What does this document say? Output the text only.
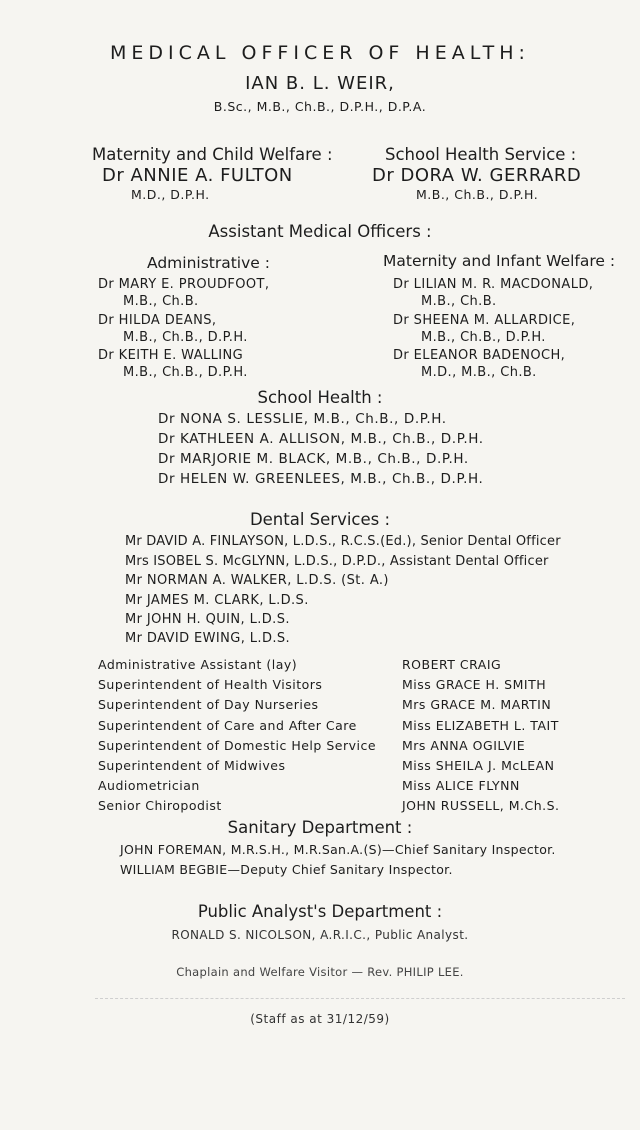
MEDICAL OFFICER OF HEALTH:
IAN B. L. WEIR,
B.Sc., M.B., Ch.B., D.P.H., D.P.A.
Maternity and Child Welfare :
Dr ANNIE A. FULTON
M.D., D.P.H.
School Health Service :
Dr DORA W. GERRARD
M.B., Ch.B., D.P.H.
Assistant Medical Officers :
Administrative :
Dr MARY E. PROUDFOOT,
M.B., Ch.B.
Dr HILDA DEANS,
M.B., Ch.B., D.P.H.
Dr KEITH E. WALLING
M.B., Ch.B., D.P.H.
Maternity and Infant Welfare :
Dr LILIAN M. R. MACDONALD,
M.B., Ch.B.
Dr SHEENA M. ALLARDICE,
M.B., Ch.B., D.P.H.
Dr ELEANOR BADENOCH,
M.D., M.B., Ch.B.
School Health :
Dr NONA S. LESSLIE, M.B., Ch.B., D.P.H.
Dr KATHLEEN A. ALLISON, M.B., Ch.B., D.P.H.
Dr MARJORIE M. BLACK, M.B., Ch.B., D.P.H.
Dr HELEN W. GREENLEES, M.B., Ch.B., D.P.H.
Dental Services :
Mr DAVID A. FINLAYSON, L.D.S., R.C.S.(Ed.), Senior Dental Officer
Mrs ISOBEL S. McGLYNN, L.D.S., D.P.D., Assistant Dental Officer
Mr NORMAN A. WALKER, L.D.S. (St. A.)
Mr JAMES M. CLARK, L.D.S.
Mr JOHN H. QUIN, L.D.S.
Mr DAVID EWING, L.D.S.
Administrative Assistant (lay)	ROBERT CRAIG
Superintendent of Health Visitors	Miss GRACE H. SMITH
Superintendent of Day Nurseries	Mrs GRACE M. MARTIN
Superintendent of Care and After Care	Miss ELIZABETH L. TAIT
Superintendent of Domestic Help Service Mrs ANNA OGILVIE
Superintendent of Midwives	Miss SHEILA J. McLEAN
Audiometrician	Miss ALICE FLYNN
Senior Chiropodist	JOHN RUSSELL, M.Ch.S.
Sanitary Department :
JOHN FOREMAN, M.R.S.H., M.R.San.A.(S)—Chief Sanitary Inspector.
WILLIAM BEGBIE—Deputy Chief Sanitary Inspector.
Public Analyst's Department :
RONALD S. NICOLSON, A.R.I.C., Public Analyst.
Chaplain and Welfare Visitor — Rev. PHILIP LEE.
(Staff as at 31/12/59)
